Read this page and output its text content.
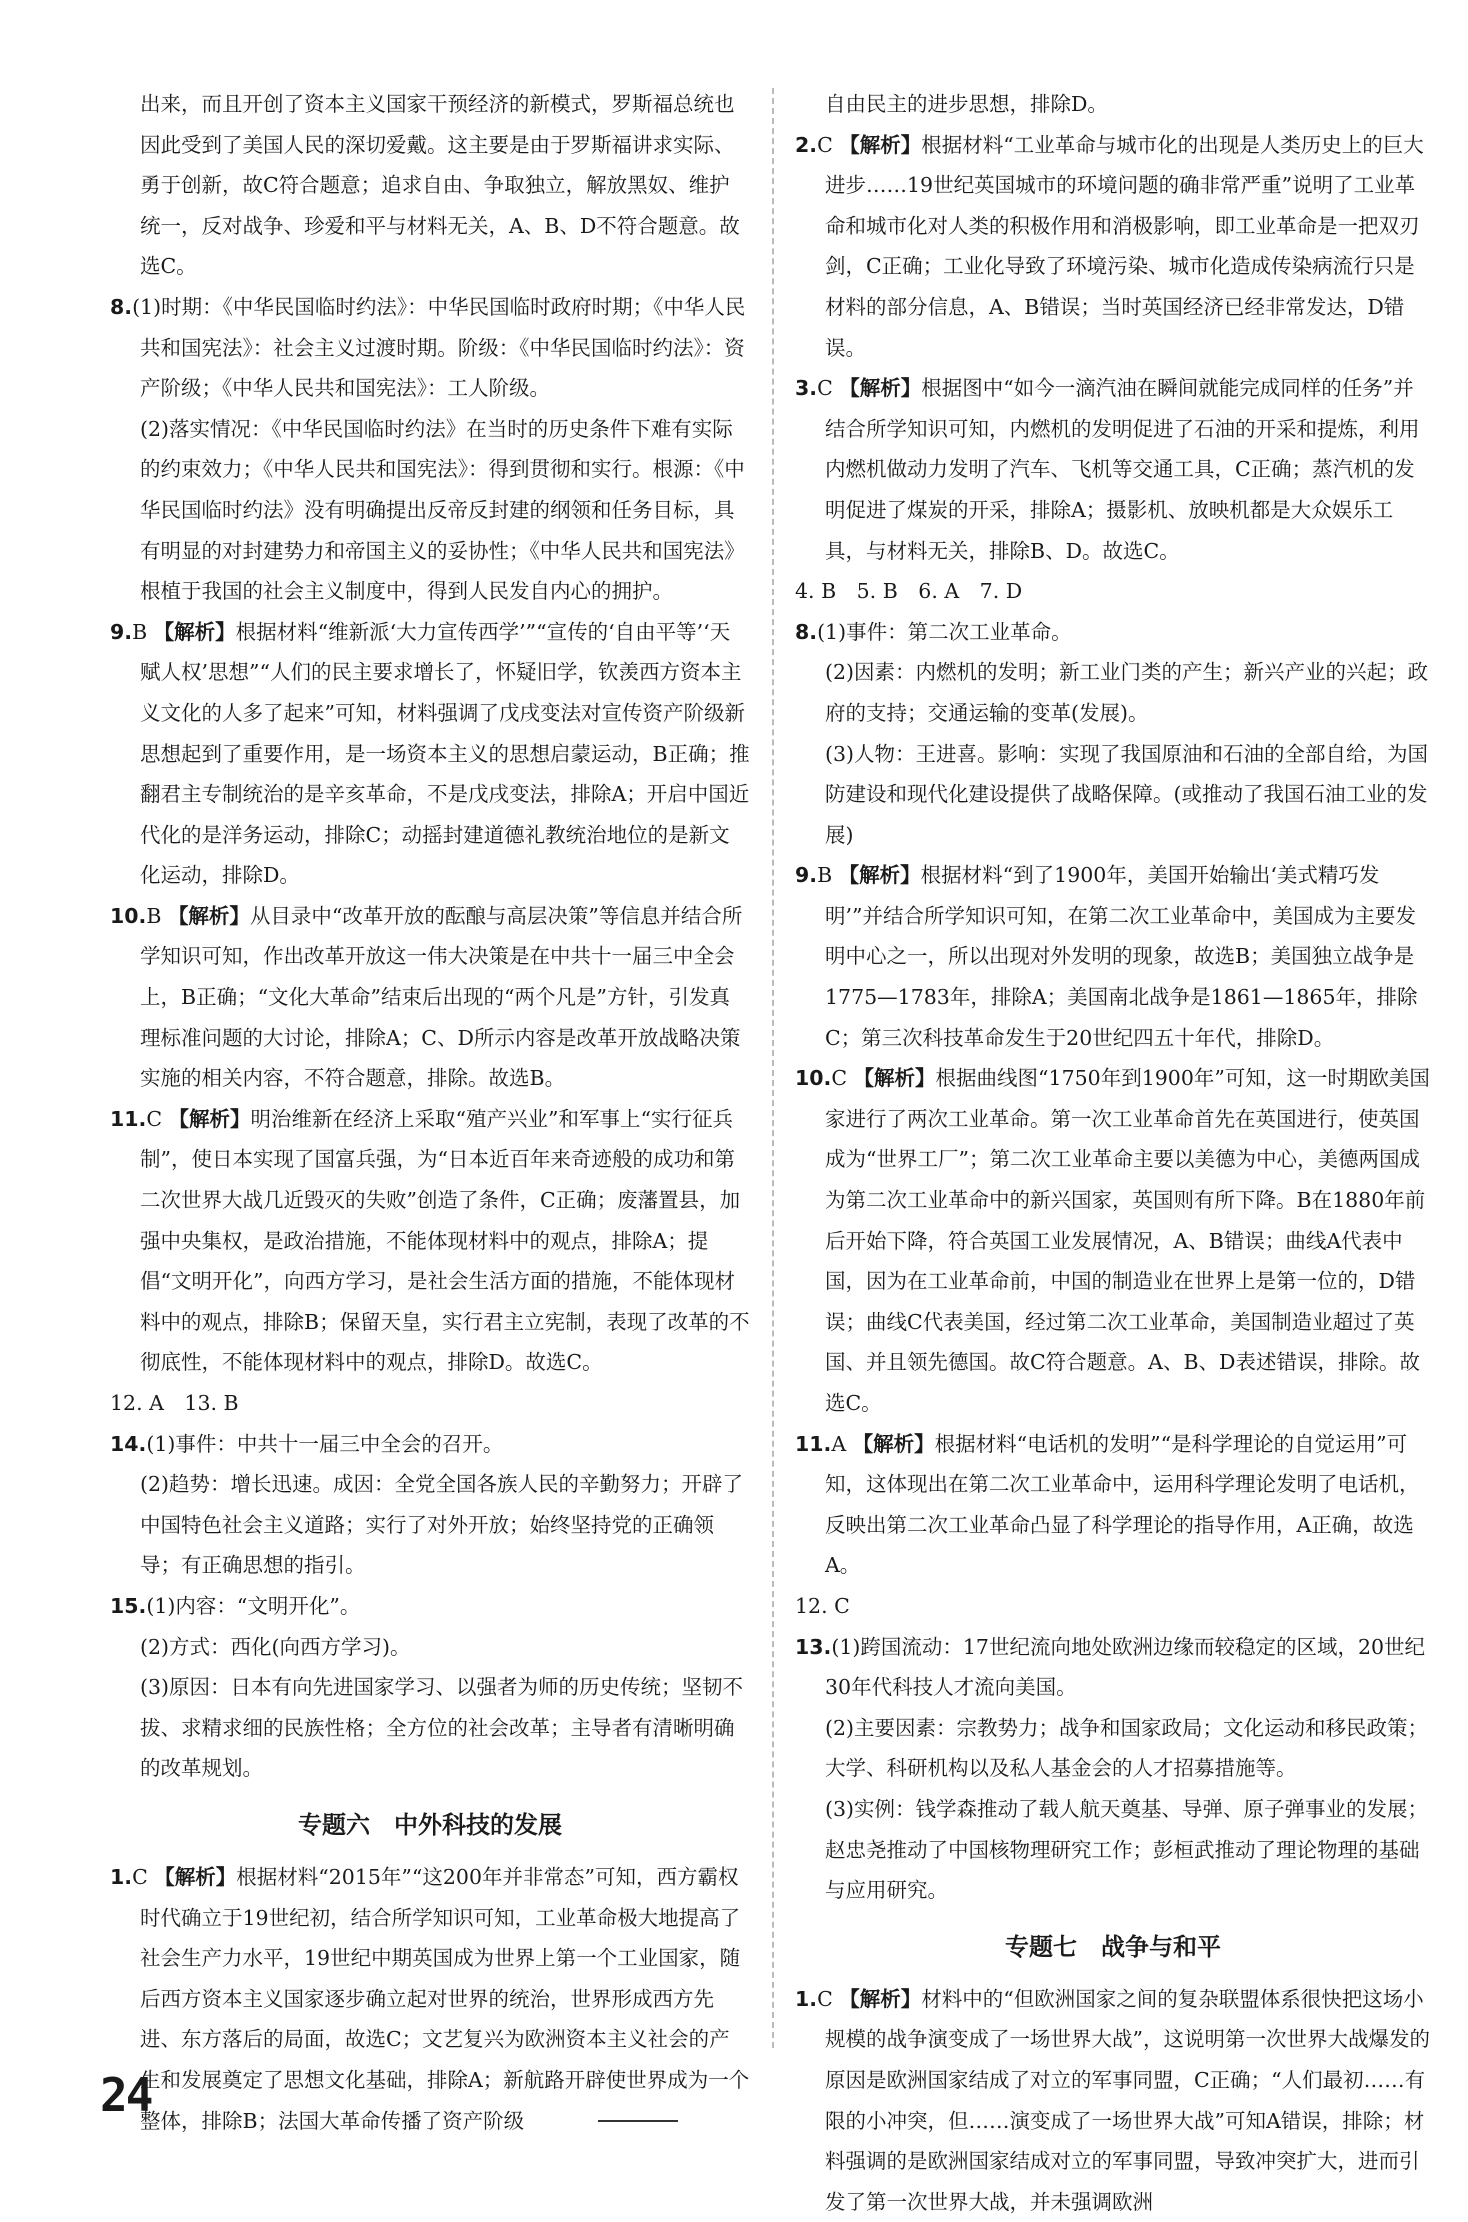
出来，而且开创了资本主义国家干预经济的新模式，罗斯福总统也因此受到了美国人民的深切爱戴。这主要是由于罗斯福讲求实际、勇于创新，故C符合题意；追求自由、争取独立，解放黑奴、维护统一，反对战争、珍爱和平与材料无关，A、B、D不符合题意。故选C。

8.(1)时期：《中华民国临时约法》：中华民国临时政府时期；《中华人民共和国宪法》：社会主义过渡时期。阶级：《中华民国临时约法》：资产阶级；《中华人民共和国宪法》：工人阶级。

(2)落实情况：《中华民国临时约法》在当时的历史条件下难有实际的约束效力；《中华人民共和国宪法》：得到贯彻和实行。根源：《中华民国临时约法》没有明确提出反帝反封建的纲领和任务目标，具有明显的对封建势力和帝国主义的妥协性；《中华人民共和国宪法》根植于我国的社会主义制度中，得到人民发自内心的拥护。

9.B 【解析】根据材料“维新派‘大力宣传西学’”“宣传的‘自由平等’‘天赋人权’思想”“人们的民主要求增长了，怀疑旧学，钦羡西方资本主义文化的人多了起来”可知，材料强调了戊戌变法对宣传资产阶级新思想起到了重要作用，是一场资本主义的思想启蒙运动，B正确；推翻君主专制统治的是辛亥革命，不是戊戌变法，排除A；开启中国近代化的是洋务运动，排除C；动摇封建道德礼教统治地位的是新文化运动，排除D。

10.B 【解析】从目录中“改革开放的酝酿与高层决策”等信息并结合所学知识可知，作出改革开放这一伟大决策是在中共十一届三中全会上，B正确；“文化大革命”结束后出现的“两个凡是”方针，引发真理标准问题的大讨论，排除A；C、D所示内容是改革开放战略决策实施的相关内容，不符合题意，排除。故选B。

11.C 【解析】明治维新在经济上采取“殖产兴业”和军事上“实行征兵制”，使日本实现了国富兵强，为“日本近百年来奇迹般的成功和第二次世界大战几近毁灭的失败”创造了条件，C正确；废藩置县，加强中央集权，是政治措施，不能体现材料中的观点，排除A；提倡“文明开化”，向西方学习，是社会生活方面的措施，不能体现材料中的观点，排除B；保留天皇，实行君主立宪制，表现了改革的不彻底性，不能体现材料中的观点，排除D。故选C。

12. A　13. B

14.(1)事件：中共十一届三中全会的召开。

(2)趋势：增长迅速。成因：全党全国各族人民的辛勤努力；开辟了中国特色社会主义道路；实行了对外开放；始终坚持党的正确领导；有正确思想的指引。

15.(1)内容：“文明开化”。

(2)方式：西化(向西方学习)。

(3)原因：日本有向先进国家学习、以强者为师的历史传统；坚韧不拔、求精求细的民族性格；全方位的社会改革；主导者有清晰明确的改革规划。

专题六　中外科技的发展

1.C 【解析】根据材料“2015年”“这200年并非常态”可知，西方霸权时代确立于19世纪初，结合所学知识可知，工业革命极大地提高了社会生产力水平，19世纪中期英国成为世界上第一个工业国家，随后西方资本主义国家逐步确立起对世界的统治，世界形成西方先进、东方落后的局面，故选C；文艺复兴为欧洲资本主义社会的产生和发展奠定了思想文化基础，排除A；新航路开辟使世界成为一个整体，排除B；法国大革命传播了资产阶级

自由民主的进步思想，排除D。

2.C 【解析】根据材料“工业革命与城市化的出现是人类历史上的巨大进步……19世纪英国城市的环境问题的确非常严重”说明了工业革命和城市化对人类的积极作用和消极影响，即工业革命是一把双刃剑，C正确；工业化导致了环境污染、城市化造成传染病流行只是材料的部分信息，A、B错误；当时英国经济已经非常发达，D错误。

3.C 【解析】根据图中“如今一滴汽油在瞬间就能完成同样的任务”并结合所学知识可知，内燃机的发明促进了石油的开采和提炼，利用内燃机做动力发明了汽车、飞机等交通工具，C正确；蒸汽机的发明促进了煤炭的开采，排除A；摄影机、放映机都是大众娱乐工具，与材料无关，排除B、D。故选C。

4. B　5. B　6. A　7. D

8.(1)事件：第二次工业革命。

(2)因素：内燃机的发明；新工业门类的产生；新兴产业的兴起；政府的支持；交通运输的变革(发展)。

(3)人物：王进喜。影响：实现了我国原油和石油的全部自给，为国防建设和现代化建设提供了战略保障。(或推动了我国石油工业的发展)

9.B 【解析】根据材料“到了1900年，美国开始输出‘美式精巧发明’”并结合所学知识可知，在第二次工业革命中，美国成为主要发明中心之一，所以出现对外发明的现象，故选B；美国独立战争是1775—1783年，排除A；美国南北战争是1861—1865年，排除C；第三次科技革命发生于20世纪四五十年代，排除D。

10.C 【解析】根据曲线图“1750年到1900年”可知，这一时期欧美国家进行了两次工业革命。第一次工业革命首先在英国进行，使英国成为“世界工厂”；第二次工业革命主要以美德为中心，美德两国成为第二次工业革命中的新兴国家，英国则有所下降。B在1880年前后开始下降，符合英国工业发展情况，A、B错误；曲线A代表中国，因为在工业革命前，中国的制造业在世界上是第一位的，D错误；曲线C代表美国，经过第二次工业革命，美国制造业超过了英国、并且领先德国。故C符合题意。A、B、D表述错误，排除。故选C。

11.A 【解析】根据材料“电话机的发明”“是科学理论的自觉运用”可知，这体现出在第二次工业革命中，运用科学理论发明了电话机，反映出第二次工业革命凸显了科学理论的指导作用，A正确，故选A。

12. C

13.(1)跨国流动：17世纪流向地处欧洲边缘而较稳定的区域，20世纪30年代科技人才流向美国。

(2)主要因素：宗教势力；战争和国家政局；文化运动和移民政策；大学、科研机构以及私人基金会的人才招募措施等。

(3)实例：钱学森推动了载人航天奠基、导弹、原子弹事业的发展；赵忠尧推动了中国核物理研究工作；彭桓武推动了理论物理的基础与应用研究。

专题七　战争与和平

1.C 【解析】材料中的“但欧洲国家之间的复杂联盟体系很快把这场小规模的战争演变成了一场世界大战”，这说明第一次世界大战爆发的原因是欧洲国家结成了对立的军事同盟，C正确；“人们最初……有限的小冲突，但……演变成了一场世界大战”可知A错误，排除；材料强调的是欧洲国家结成对立的军事同盟，导致冲突扩大，进而引发了第一次世界大战，并未强调欧洲

24
